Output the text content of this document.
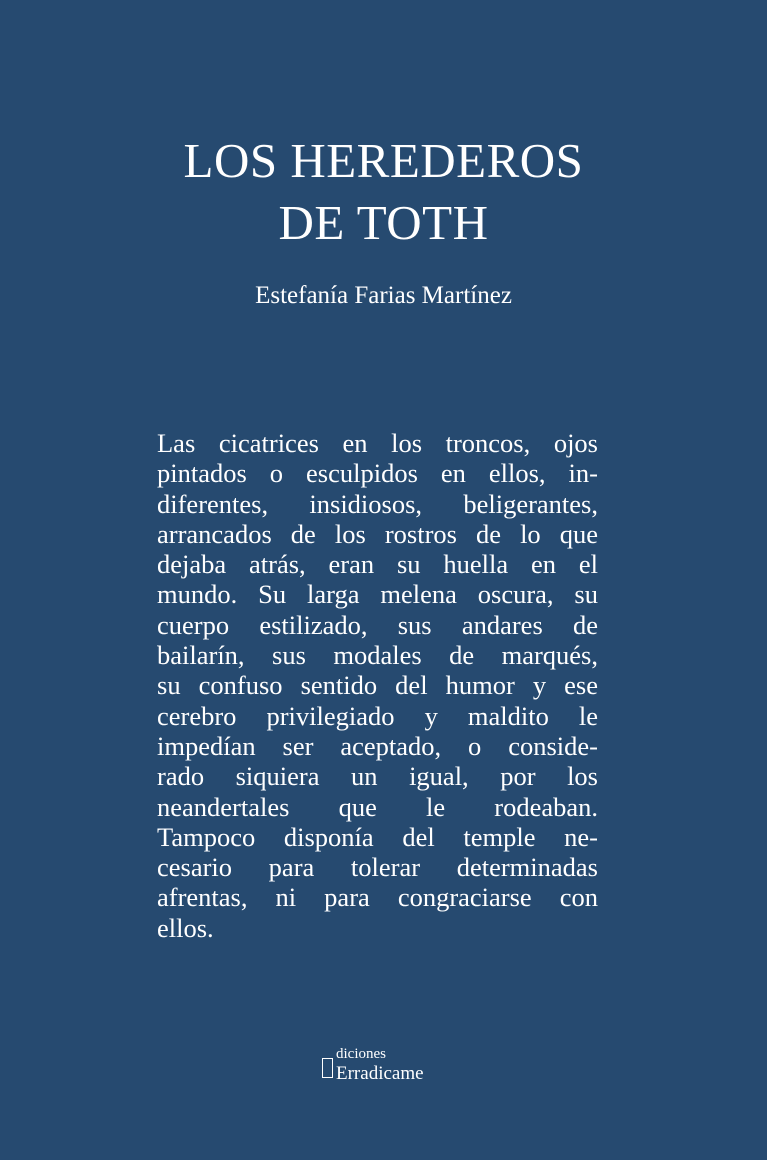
LOS HEREDEROS
DE TOTH
Estefanía Farias Martínez
Las cicatrices en los troncos, ojos
pintados o esculpidos en ellos, in-
diferentes, insidiosos, beligerantes,
arrancados de los rostros de lo que
dejaba atrás, eran su huella en el
mundo. Su larga melena oscura, su
cuerpo estilizado, sus andares de
bailarín, sus modales de marqués,
su confuso sentido del humor y ese
cerebro privilegiado y maldito le
impedían ser aceptado, o conside-
rado siquiera un igual, por los
neandertales que le rodeaban.
Tampoco disponía del temple ne-
cesario para tolerar determinadas
afrentas, ni para congraciarse con
ellos.
diciones
Erradicame
